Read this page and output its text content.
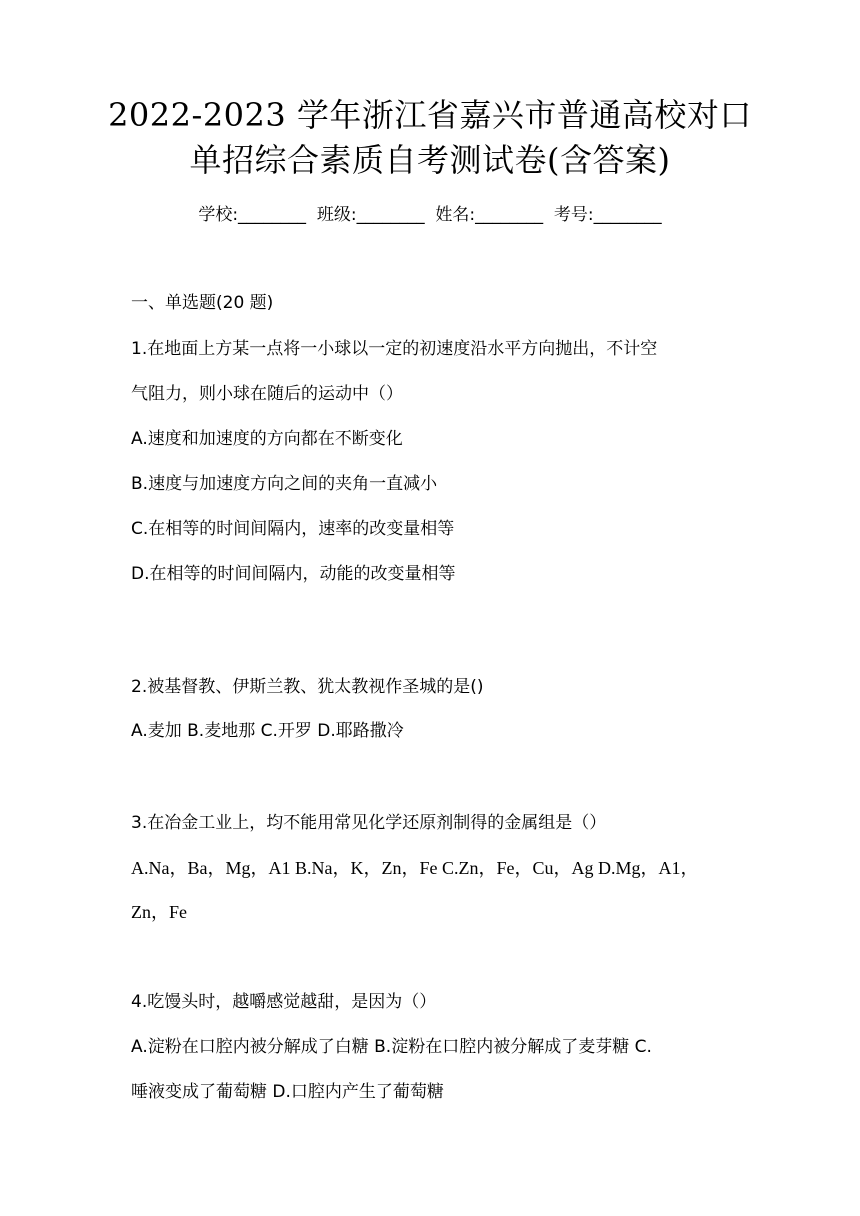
2022-2023 学年浙江省嘉兴市普通高校对口
单招综合素质自考测试卷(含答案)
学校:________  班级:________  姓名:________  考号:________
一、单选题(20 题)
1.在地面上方某一点将一小球以一定的初速度沿水平方向抛出，不计空
气阻力，则小球在随后的运动中（）
A.速度和加速度的方向都在不断变化
B.速度与加速度方向之间的夹角一直减小
C.在相等的时间间隔内，速率的改变量相等
D.在相等的时间间隔内，动能的改变量相等
2.被基督教、伊斯兰教、犹太教视作圣城的是()
A.麦加 B.麦地那 C.开罗 D.耶路撒冷
3.在冶金工业上，均不能用常见化学还原剂制得的金属组是（）
A.Na，Ba，Mg，A1 B.Na，K，Zn，Fe C.Zn，Fe，Cu，Ag D.Mg，A1，
Zn，Fe
4.吃馒头时，越嚼感觉越甜，是因为（）
A.淀粉在口腔内被分解成了白糖 B.淀粉在口腔内被分解成了麦芽糖 C.
唾液变成了葡萄糖 D.口腔内产生了葡萄糖
